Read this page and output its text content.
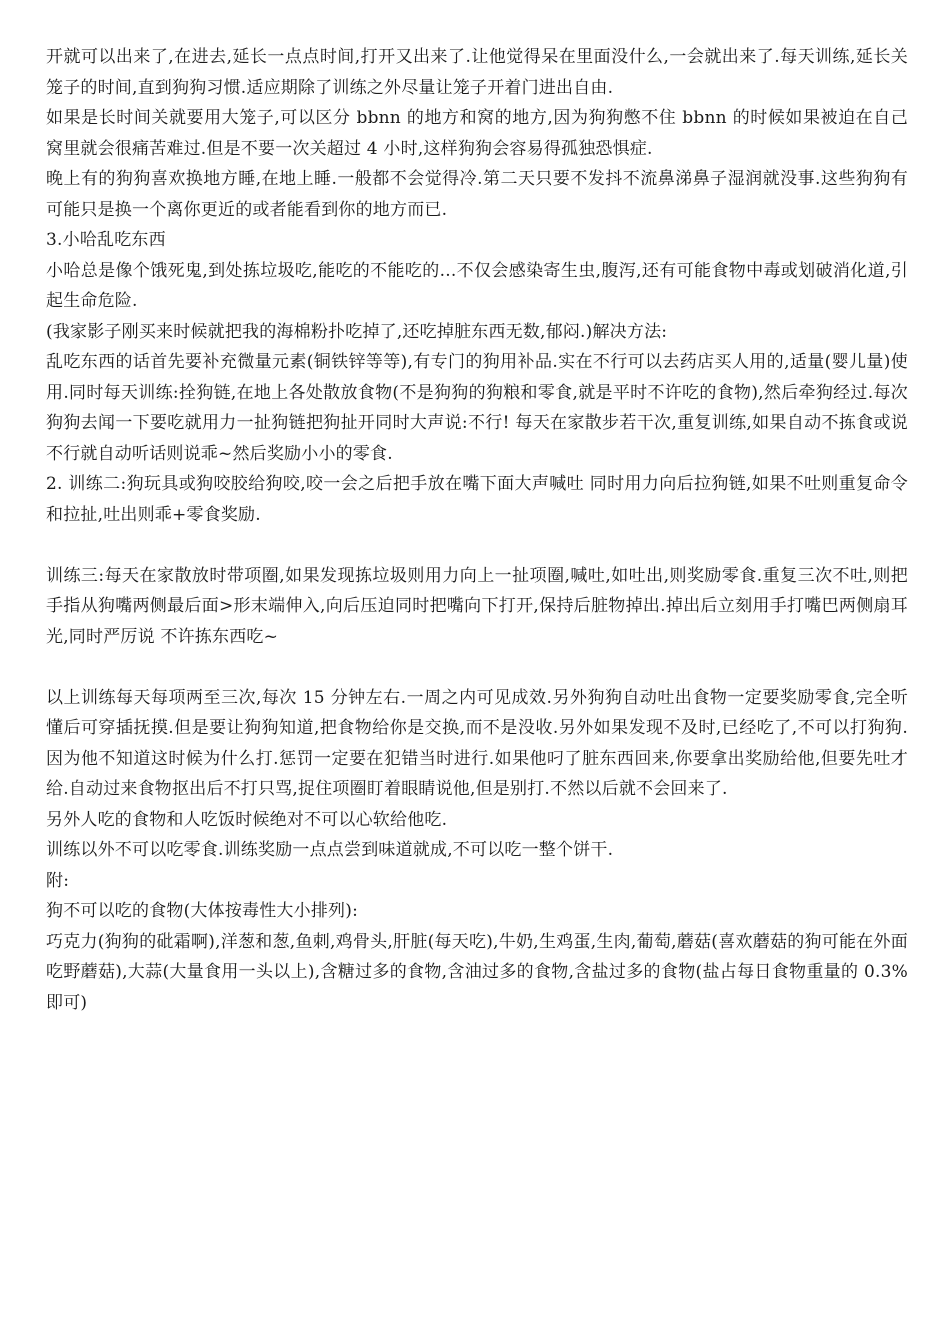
开就可以出来了,在进去,延长一点点时间,打开又出来了.让他觉得呆在里面没什么,一会就出来了.每天训练,延长关笼子的时间,直到狗狗习惯.适应期除了训练之外尽量让笼子开着门进出自由.

如果是长时间关就要用大笼子,可以区分 bbnn 的地方和窝的地方,因为狗狗憋不住 bbnn 的时候如果被迫在自己窝里就会很痛苦难过.但是不要一次关超过 4 小时,这样狗狗会容易得孤独恐惧症.

晚上有的狗狗喜欢换地方睡,在地上睡.一般都不会觉得冷.第二天只要不发抖不流鼻涕鼻子湿润就没事.这些狗狗有可能只是换一个离你更近的或者能看到你的地方而已.

3.小哈乱吃东西

小哈总是像个饿死鬼,到处拣垃圾吃,能吃的不能吃的...不仅会感染寄生虫,腹泻,还有可能食物中毒或划破消化道,引起生命危险.

(我家影子刚买来时候就把我的海棉粉扑吃掉了,还吃掉脏东西无数,郁闷.)解决方法:

乱吃东西的话首先要补充微量元素(铜铁锌等等),有专门的狗用补品.实在不行可以去药店买人用的,适量(婴儿量)使用.同时每天训练:拴狗链,在地上各处散放食物(不是狗狗的狗粮和零食,就是平时不许吃的食物),然后牵狗经过.每次狗狗去闻一下要吃就用力一扯狗链把狗扯开同时大声说:不行! 每天在家散步若干次,重复训练,如果自动不拣食或说不行就自动听话则说乖~然后奖励小小的零食.

2. 训练二:狗玩具或狗咬胶给狗咬,咬一会之后把手放在嘴下面大声喊吐 同时用力向后拉狗链,如果不吐则重复命令和拉扯,吐出则乖+零食奖励.

训练三:每天在家散放时带项圈,如果发现拣垃圾则用力向上一扯项圈,喊吐,如吐出,则奖励零食.重复三次不吐,则把手指从狗嘴两侧最后面>形末端伸入,向后压迫同时把嘴向下打开,保持后脏物掉出.掉出后立刻用手打嘴巴两侧扇耳光,同时严厉说 不许拣东西吃~

以上训练每天每项两至三次,每次 15 分钟左右.一周之内可见成效.另外狗狗自动吐出食物一定要奖励零食,完全听懂后可穿插抚摸.但是要让狗狗知道,把食物给你是交换,而不是没收.另外如果发现不及时,已经吃了,不可以打狗狗.因为他不知道这时候为什么打.惩罚一定要在犯错当时进行.如果他叼了脏东西回来,你要拿出奖励给他,但要先吐才给.自动过来食物抠出后不打只骂,捉住项圈盯着眼睛说他,但是别打.不然以后就不会回来了.

另外人吃的食物和人吃饭时候绝对不可以心软给他吃.

训练以外不可以吃零食.训练奖励一点点尝到味道就成,不可以吃一整个饼干.

附:

狗不可以吃的食物(大体按毒性大小排列):

巧克力(狗狗的砒霜啊),洋葱和葱,鱼刺,鸡骨头,肝脏(每天吃),牛奶,生鸡蛋,生肉,葡萄,蘑菇(喜欢蘑菇的狗可能在外面吃野蘑菇),大蒜(大量食用一头以上),含糖过多的食物,含油过多的食物,含盐过多的食物(盐占每日食物重量的 0.3%即可)
